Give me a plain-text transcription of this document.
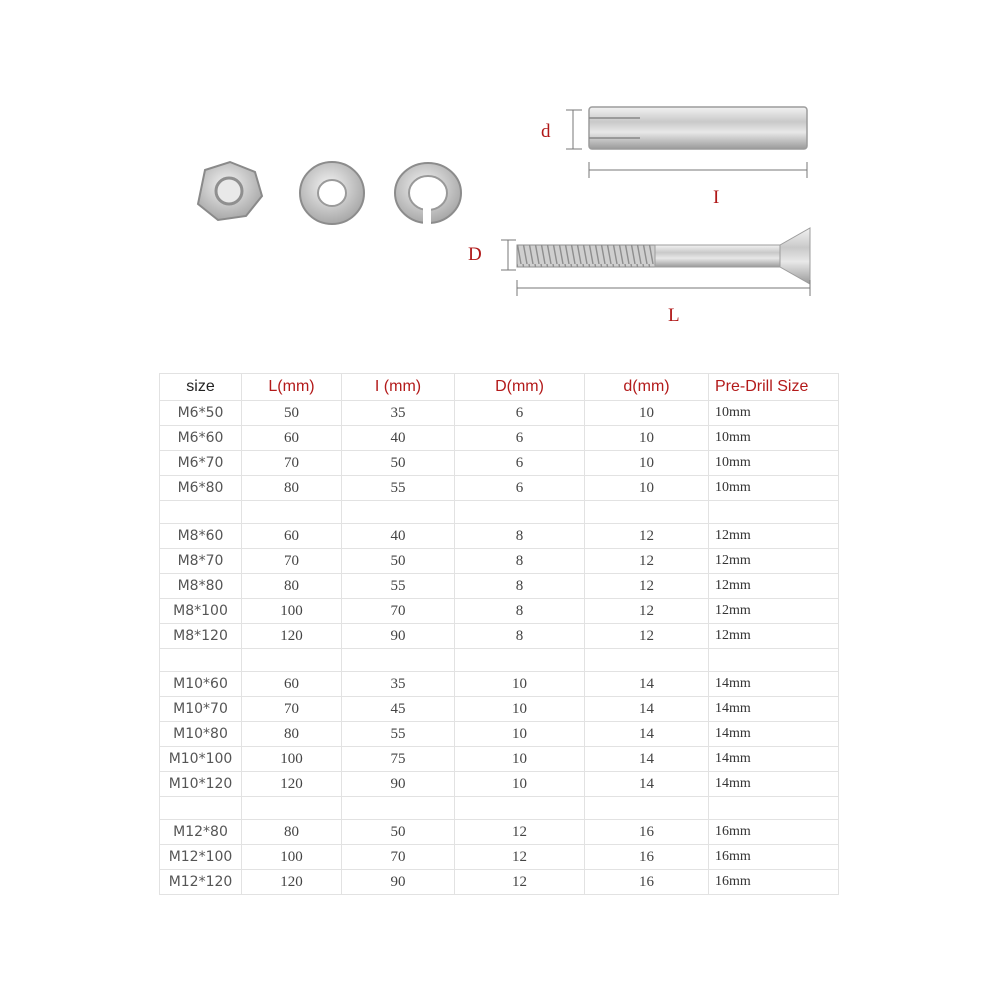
d
I
D
L
size	L(mm)	I (mm)	D(mm)	d(mm)	Pre-Drill Size
M6*50	50	35	6	10	10mm
M6*60	60	40	6	10	10mm
M6*70	70	50	6	10	10mm
M6*80	80	55	6	10	10mm

M8*60	60	40	8	12	12mm
M8*70	70	50	8	12	12mm
M8*80	80	55	8	12	12mm
M8*100	100	70	8	12	12mm
M8*120	120	90	8	12	12mm

M10*60	60	35	10	14	14mm
M10*70	70	45	10	14	14mm
M10*80	80	55	10	14	14mm
M10*100	100	75	10	14	14mm
M10*120	120	90	10	14	14mm

M12*80	80	50	12	16	16mm
M12*100	100	70	12	16	16mm
M12*120	120	90	12	16	16mm
